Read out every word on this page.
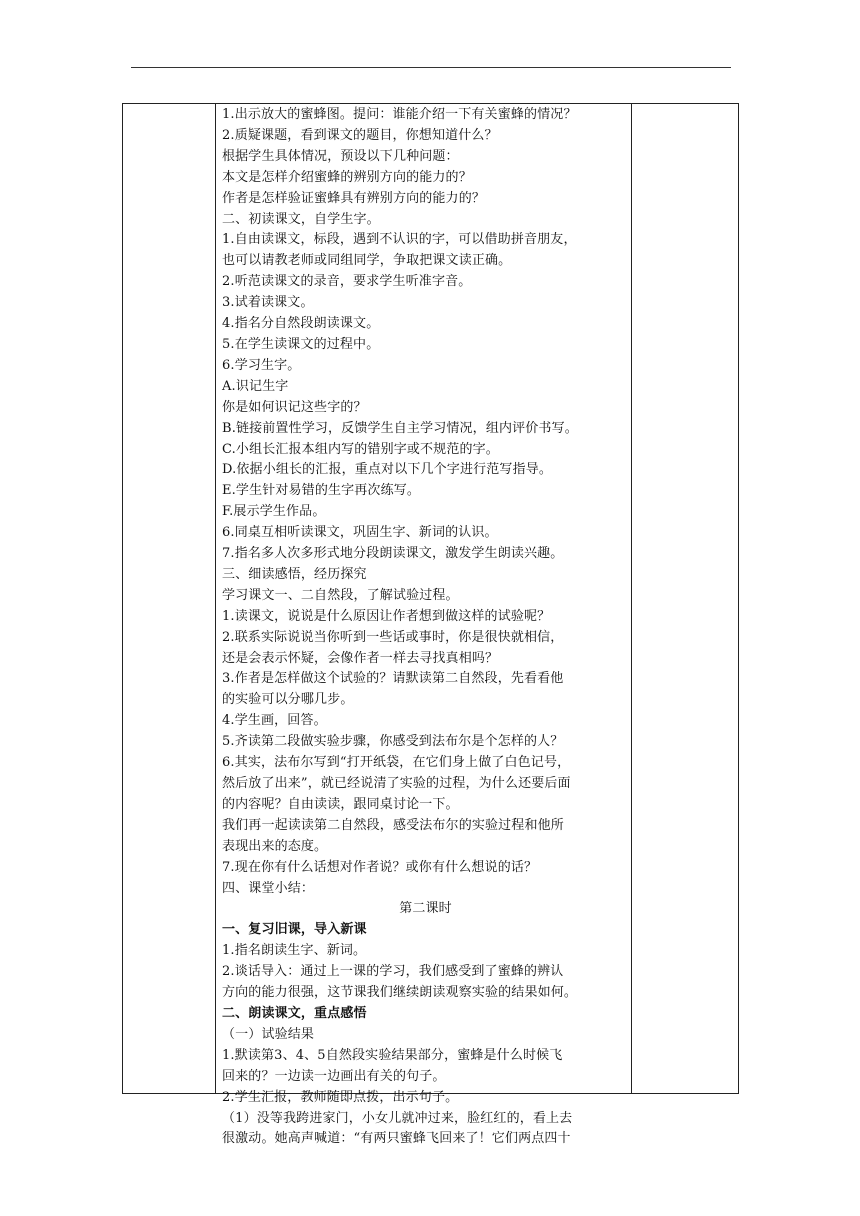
1.出示放大的蜜蜂图。提问：谁能介绍一下有关蜜蜂的情况？
2.质疑课题，看到课文的题目，你想知道什么？
根据学生具体情况，预设以下几种问题：
本文是怎样介绍蜜蜂的辨别方向的能力的？
作者是怎样验证蜜蜂具有辨别方向的能力的？
二、初读课文，自学生字。
1.自由读课文，标段，遇到不认识的字，可以借助拼音朋友，
也可以请教老师或同组同学，争取把课文读正确。
2.听范读课文的录音，要求学生听准字音。
3.试着读课文。
4.指名分自然段朗读课文。
5.在学生读课文的过程中。
6.学习生字。
A.识记生字
你是如何识记这些字的？
B.链接前置性学习，反馈学生自主学习情况，组内评价书写。
C.小组长汇报本组内写的错别字或不规范的字。
D.依据小组长的汇报，重点对以下几个字进行范写指导。
E.学生针对易错的生字再次练写。
F.展示学生作品。
6.同桌互相听读课文，巩固生字、新词的认识。
7.指名多人次多形式地分段朗读课文，激发学生朗读兴趣。
三、细读感悟，经历探究
学习课文一、二自然段，了解试验过程。
1.读课文，说说是什么原因让作者想到做这样的试验呢？
2.联系实际说说当你听到一些话或事时，你是很快就相信，
还是会表示怀疑，会像作者一样去寻找真相吗？
3.作者是怎样做这个试验的？请默读第二自然段，先看看他
的实验可以分哪几步。
4.学生画，回答。
5.齐读第二段做实验步骤，你感受到法布尔是个怎样的人？
6.其实，法布尔写到“打开纸袋，在它们身上做了白色记号，
然后放了出来”，就已经说清了实验的过程，为什么还要后面
的内容呢？自由读读，跟同桌讨论一下。
我们再一起读读第二自然段，感受法布尔的实验过程和他所
表现出来的态度。
7.现在你有什么话想对作者说？或你有什么想说的话？
四、课堂小结：
第二课时
一、复习旧课，导入新课
1.指名朗读生字、新词。
2.谈话导入：通过上一课的学习，我们感受到了蜜蜂的辨认
方向的能力很强，这节课我们继续朗读观察实验的结果如何。
二、朗读课文，重点感悟
（一）试验结果
1.默读第3、4、5自然段实验结果部分，蜜蜂是什么时候飞
回来的？一边读一边画出有关的句子。
2.学生汇报，教师随即点拨，出示句子。
（1）没等我跨进家门，小女儿就冲过来，脸红红的，看上去
很激动。她高声喊道：“有两只蜜蜂飞回来了！它们两点四十
